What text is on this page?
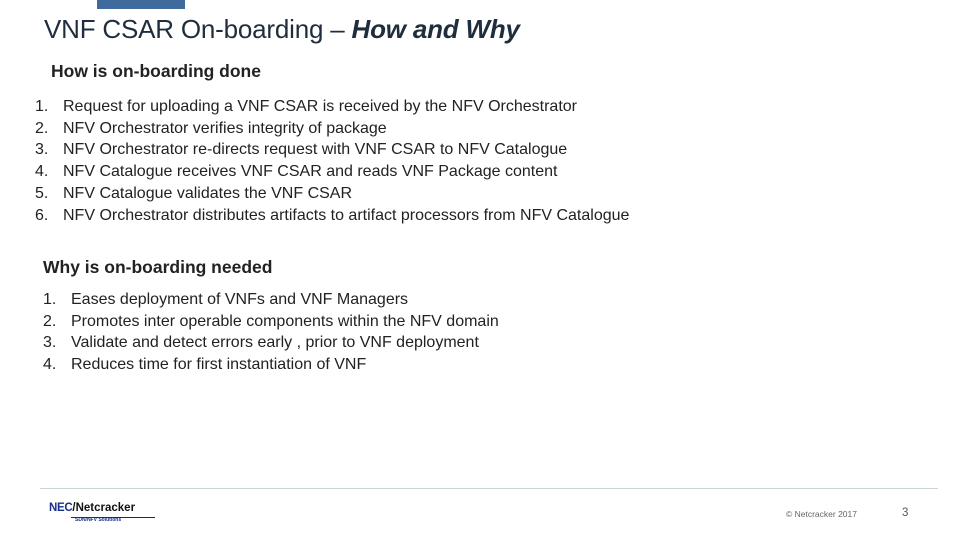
VNF CSAR On-boarding – How and Why
How is on-boarding done
1. Request for uploading a VNF CSAR is received by the NFV Orchestrator
2. NFV Orchestrator verifies integrity of package
3. NFV Orchestrator re-directs request with VNF CSAR to NFV Catalogue
4. NFV Catalogue receives VNF CSAR and reads VNF Package content
5. NFV Catalogue validates the VNF CSAR
6. NFV Orchestrator distributes artifacts to artifact processors from NFV Catalogue
Why is on-boarding needed
1. Eases deployment of VNFs and VNF Managers
2. Promotes inter operable components within the NFV domain
3. Validate and detect errors early , prior to VNF deployment
4. Reduces time for first instantiation of VNF
NEC/Netcracker
SDN/NFV Solutions
© Netcracker 2017	3
